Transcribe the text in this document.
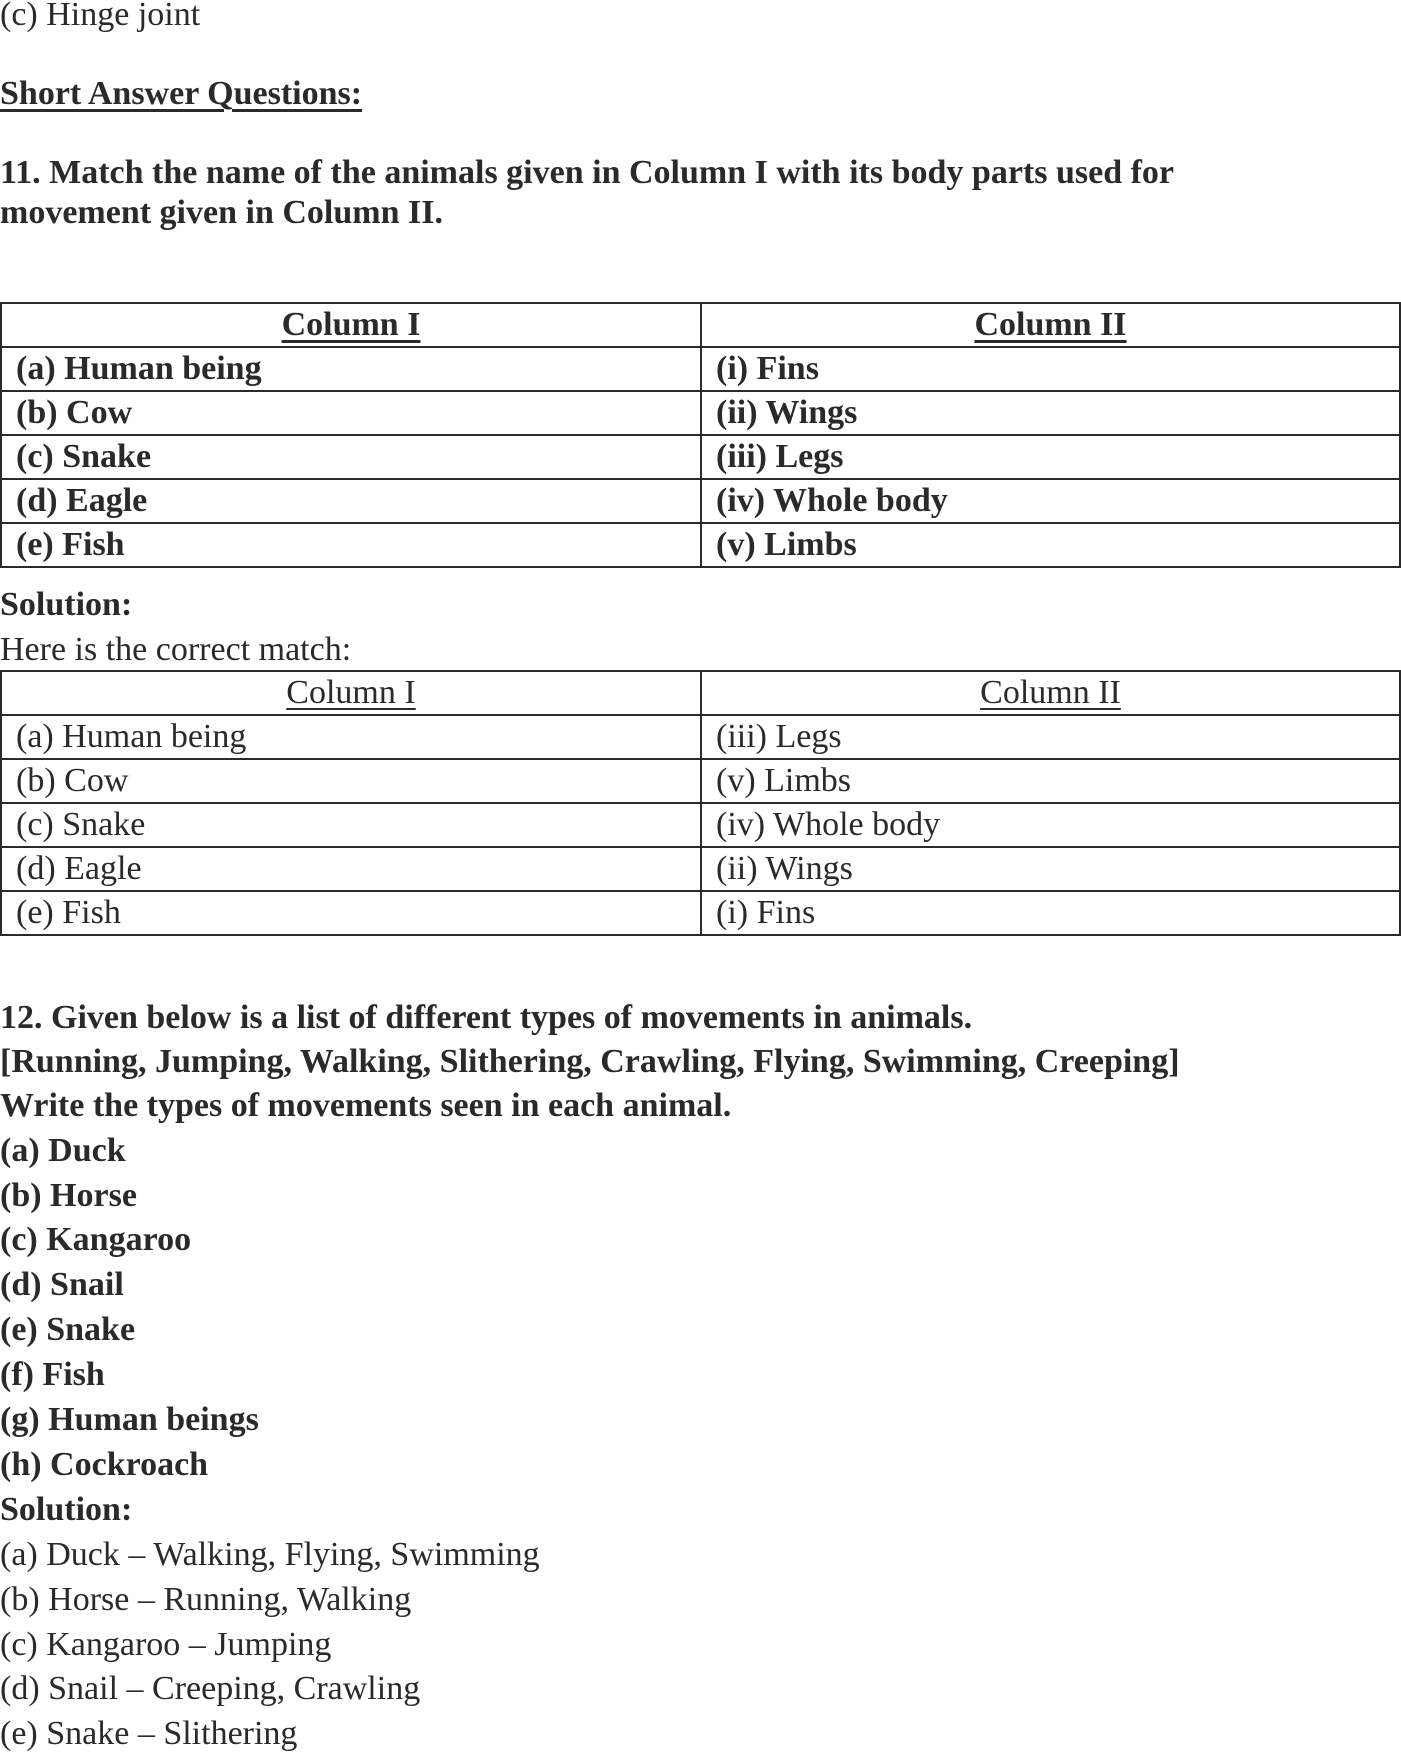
(c) Hinge joint
Short Answer Questions:
11. Match the name of the animals given in Column I with its body parts used for
movement given in Column II.
Column I	Column II
(a) Human being	(i) Fins
(b) Cow	(ii) Wings
(c) Snake	(iii) Legs
(d) Eagle	(iv) Whole body
(e) Fish	(v) Limbs
Solution:
Here is the correct match:
Column I	Column II
(a) Human being	(iii) Legs
(b) Cow	(v) Limbs
(c) Snake	(iv) Whole body
(d) Eagle	(ii) Wings
(e) Fish	(i) Fins
12. Given below is a list of different types of movements in animals.
[Running, Jumping, Walking, Slithering, Crawling, Flying, Swimming, Creeping]
Write the types of movements seen in each animal.
(a) Duck
(b) Horse
(c) Kangaroo
(d) Snail
(e) Snake
(f) Fish
(g) Human beings
(h) Cockroach
Solution:
(a) Duck – Walking, Flying, Swimming
(b) Horse – Running, Walking
(c) Kangaroo – Jumping
(d) Snail – Creeping, Crawling
(e) Snake – Slithering
